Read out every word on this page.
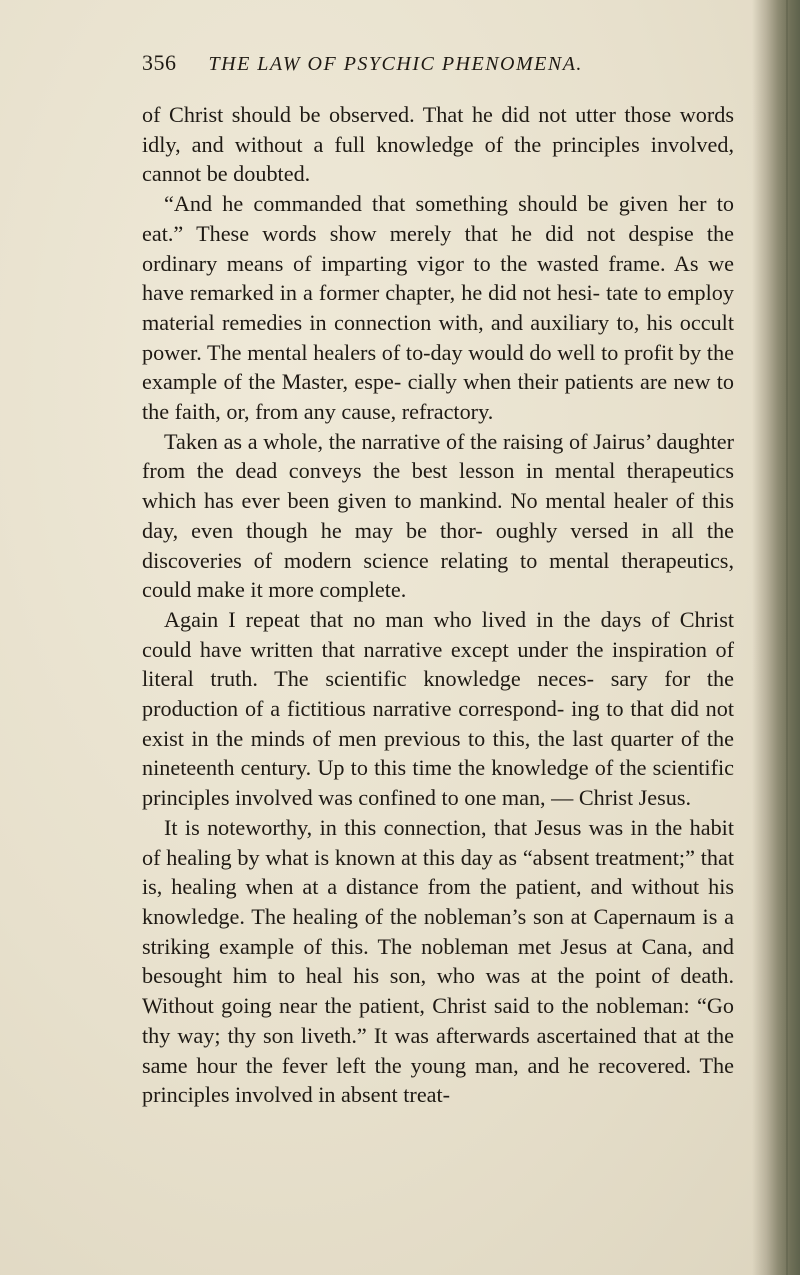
356 THE LAW OF PSYCHIC PHENOMENA.

of Christ should be observed. That he did not utter those words idly, and without a full knowledge of the principles involved, cannot be doubted.

“And he commanded that something should be given her to eat.” These words show merely that he did not despise the ordinary means of imparting vigor to the wasted frame. As we have remarked in a former chapter, he did not hesi- tate to employ material remedies in connection with, and auxiliary to, his occult power. The mental healers of to-day would do well to profit by the example of the Master, espe- cially when their patients are new to the faith, or, from any cause, refractory.

Taken as a whole, the narrative of the raising of Jairus’ daughter from the dead conveys the best lesson in mental therapeutics which has ever been given to mankind. No mental healer of this day, even though he may be thor- oughly versed in all the discoveries of modern science relating to mental therapeutics, could make it more complete.

Again I repeat that no man who lived in the days of Christ could have written that narrative except under the inspiration of literal truth. The scientific knowledge neces- sary for the production of a fictitious narrative correspond- ing to that did not exist in the minds of men previous to this, the last quarter of the nineteenth century. Up to this time the knowledge of the scientific principles involved was confined to one man, — Christ Jesus.

It is noteworthy, in this connection, that Jesus was in the habit of healing by what is known at this day as “absent treatment;” that is, healing when at a distance from the patient, and without his knowledge. The healing of the nobleman’s son at Capernaum is a striking example of this. The nobleman met Jesus at Cana, and besought him to heal his son, who was at the point of death. Without going near the patient, Christ said to the nobleman: “Go thy way; thy son liveth.” It was afterwards ascertained that at the same hour the fever left the young man, and he recovered. The principles involved in absent treat-
